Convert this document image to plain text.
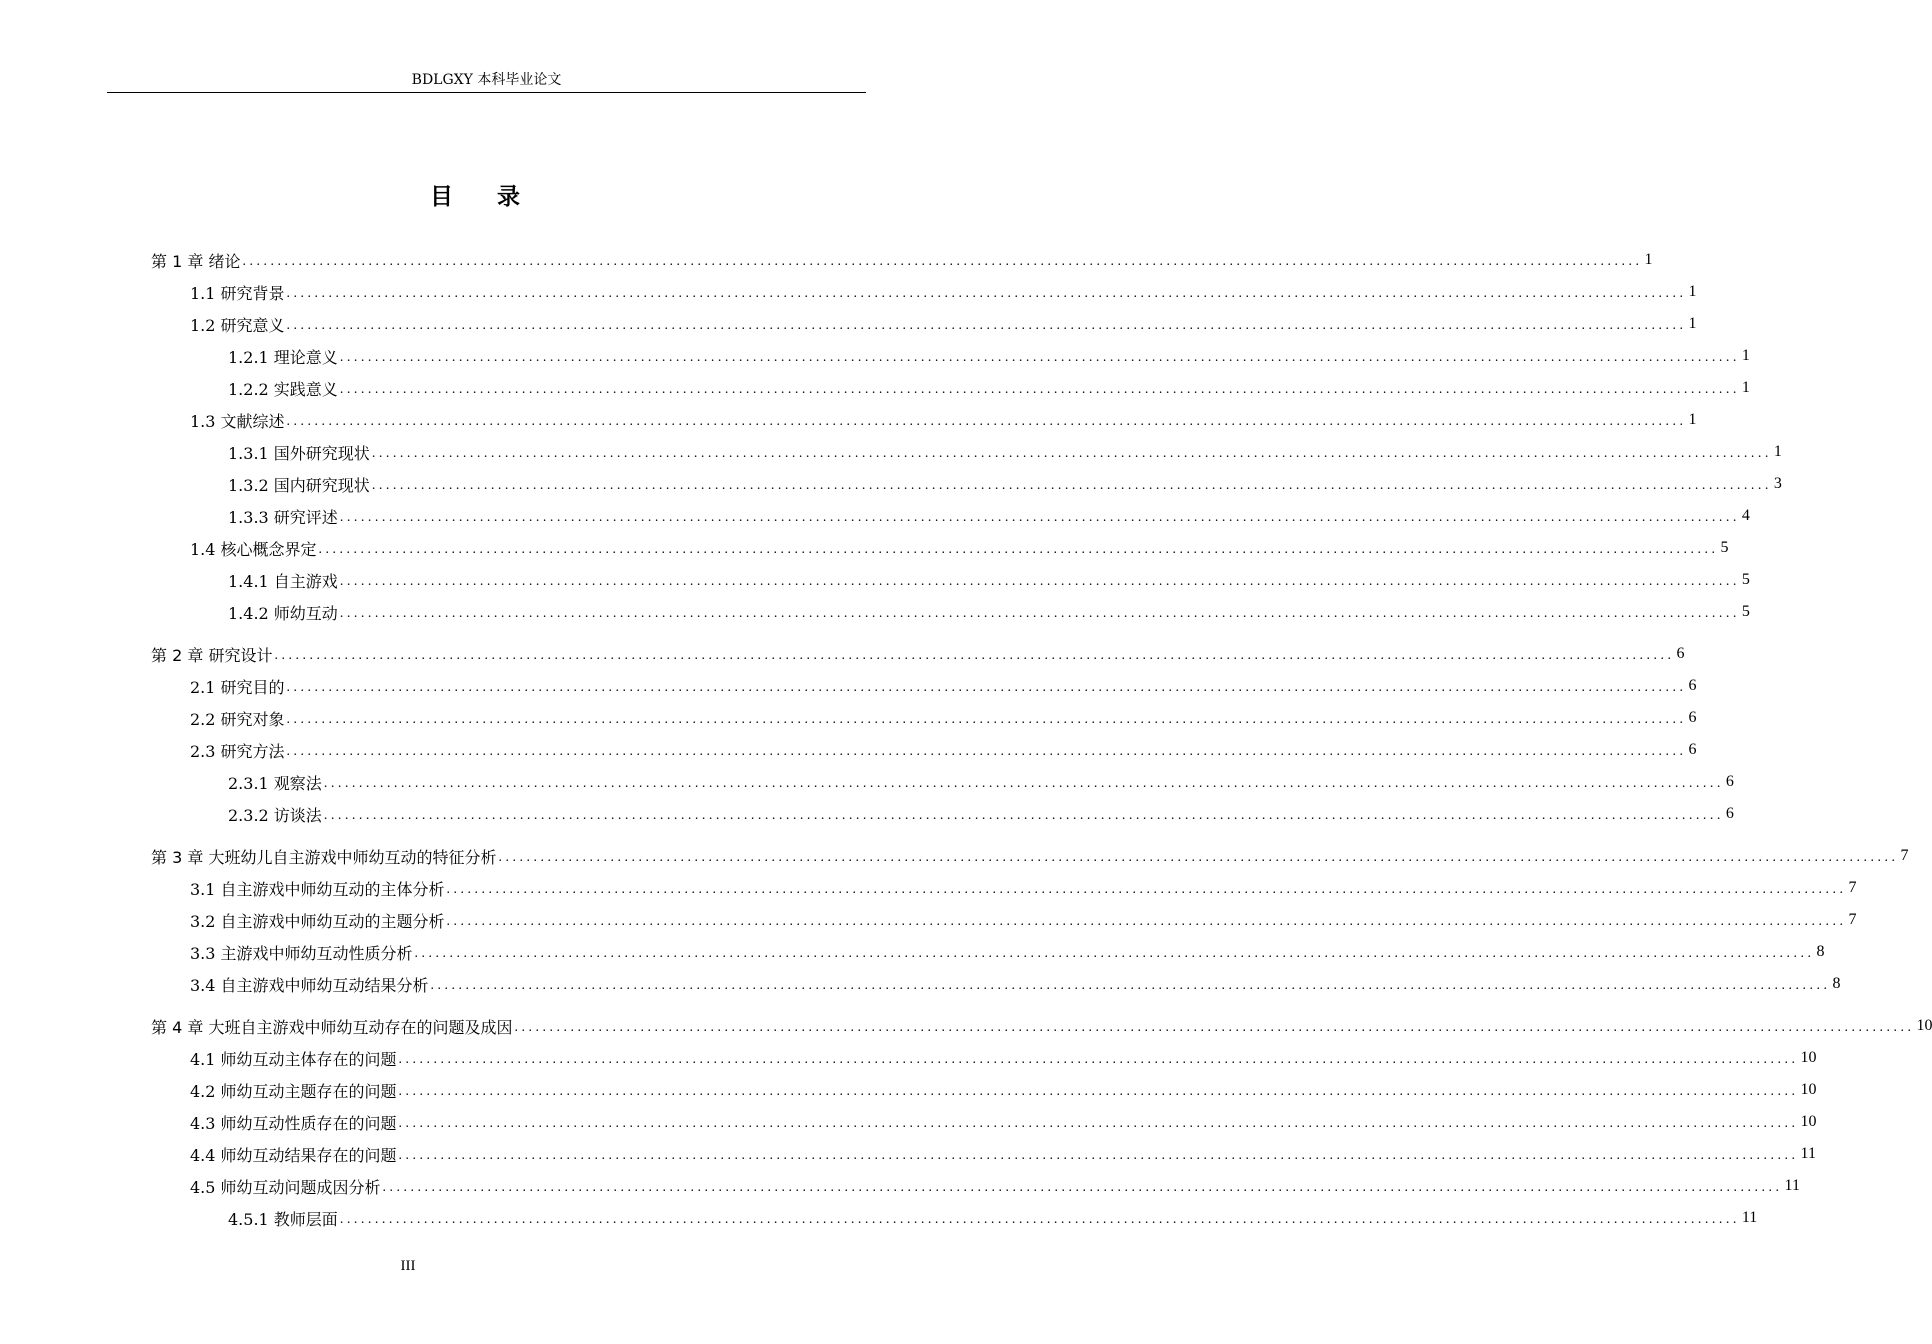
BDLGXY 本科毕业论文
目 录
第 1 章 绪论 ........................................................................................................................................................................................................ 1
1.1 研究背景 ........................................................................................................................................................................................................ 1
1.2 研究意义 ........................................................................................................................................................................................................ 1
1.2.1 理论意义 ........................................................................................................................................................................................................ 1
1.2.2 实践意义 ........................................................................................................................................................................................................ 1
1.3 文献综述 ........................................................................................................................................................................................................ 1
1.3.1 国外研究现状 ........................................................................................................................................................................................................ 1
1.3.2 国内研究现状 ........................................................................................................................................................................................................ 3
1.3.3 研究评述 ........................................................................................................................................................................................................ 4
1.4 核心概念界定 ........................................................................................................................................................................................................ 5
1.4.1 自主游戏 ........................................................................................................................................................................................................ 5
1.4.2 师幼互动 ........................................................................................................................................................................................................ 5
第 2 章 研究设计 ........................................................................................................................................................................................................ 6
2.1 研究目的 ........................................................................................................................................................................................................ 6
2.2 研究对象 ........................................................................................................................................................................................................ 6
2.3 研究方法 ........................................................................................................................................................................................................ 6
2.3.1 观察法 ........................................................................................................................................................................................................ 6
2.3.2 访谈法 ........................................................................................................................................................................................................ 6
第 3 章 大班幼儿自主游戏中师幼互动的特征分析 ........................................................................................................................................................................................................ 7
3.1 自主游戏中师幼互动的主体分析 ........................................................................................................................................................................................................ 7
3.2 自主游戏中师幼互动的主题分析 ........................................................................................................................................................................................................ 7
3.3 主游戏中师幼互动性质分析 ........................................................................................................................................................................................................ 8
3.4 自主游戏中师幼互动结果分析 ........................................................................................................................................................................................................ 8
第 4 章 大班自主游戏中师幼互动存在的问题及成因 ........................................................................................................................................................................................................ 10
4.1 师幼互动主体存在的问题 ........................................................................................................................................................................................................ 10
4.2 师幼互动主题存在的问题 ........................................................................................................................................................................................................ 10
4.3 师幼互动性质存在的问题 ........................................................................................................................................................................................................ 10
4.4 师幼互动结果存在的问题 ........................................................................................................................................................................................................ 11
4.5 师幼互动问题成因分析 ........................................................................................................................................................................................................ 11
4.5.1 教师层面 ........................................................................................................................................................................................................ 11
III
